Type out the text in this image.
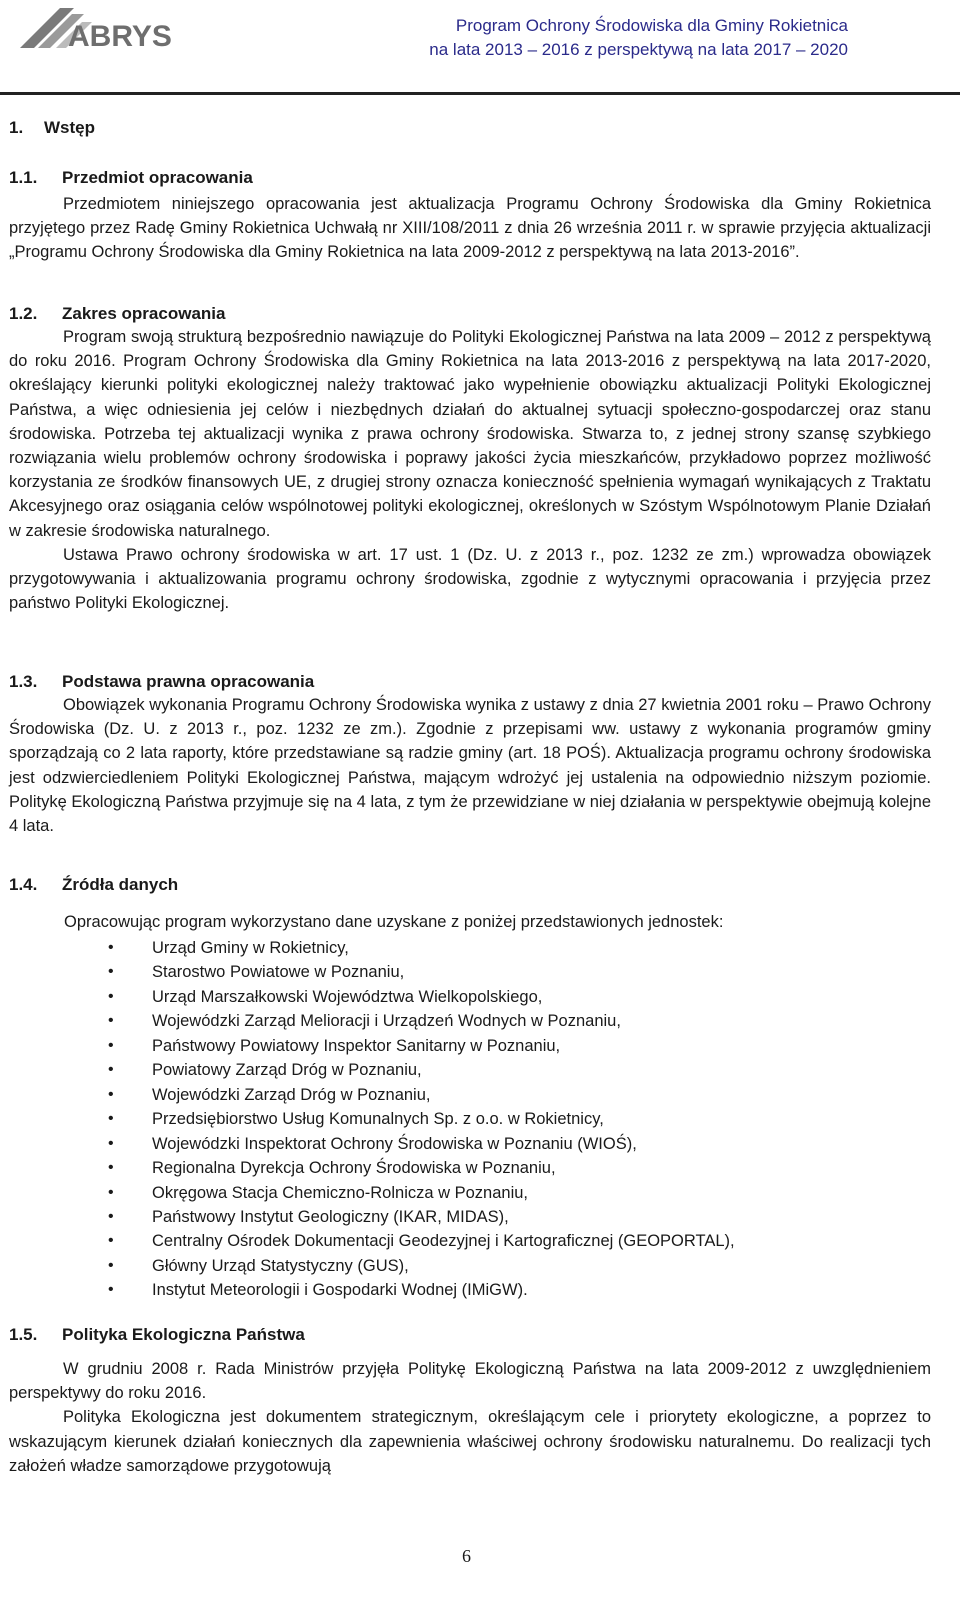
ABRYS	Program Ochrony Środowiska dla Gminy Rokietnica
na lata 2013 – 2016 z perspektywą na lata 2017 – 2020
1. Wstęp
1.1. Przedmiot opracowania

Przedmiotem niniejszego opracowania jest aktualizacja Programu Ochrony Środowiska dla Gminy Rokietnica przyjętego przez Radę Gminy Rokietnica Uchwałą nr XIII/108/2011 z dnia 26 września 2011 r. w sprawie przyjęcia aktualizacji „Programu Ochrony Środowiska dla Gminy Rokietnica na lata 2009-2012 z perspektywą na lata 2013-2016”.

1.2. Zakres opracowania

Program swoją strukturą bezpośrednio nawiązuje do Polityki Ekologicznej Państwa na lata 2009 – 2012 z perspektywą do roku 2016. Program Ochrony Środowiska dla Gminy Rokietnica na lata 2013-2016 z perspektywą na lata 2017-2020, określający kierunki polityki ekologicznej należy traktować jako wypełnienie obowiązku aktualizacji Polityki Ekologicznej Państwa, a więc odniesienia jej celów i niezbędnych działań do aktualnej sytuacji społeczno-gospodarczej oraz stanu środowiska. Potrzeba tej aktualizacji wynika z prawa ochrony środowiska. Stwarza to, z jednej strony szansę szybkiego rozwiązania wielu problemów ochrony środowiska i poprawy jakości życia mieszkańców, przykładowo poprzez możliwość korzystania ze środków finansowych UE, z drugiej strony oznacza konieczność spełnienia wymagań wynikających z Traktatu Akcesyjnego oraz osiągania celów wspólnotowej polityki ekologicznej, określonych w Szóstym Wspólnotowym Planie Działań w zakresie środowiska naturalnego.

Ustawa Prawo ochrony środowiska w art. 17 ust. 1 (Dz. U. z 2013 r., poz. 1232 ze zm.) wprowadza obowiązek przygotowywania i aktualizowania programu ochrony środowiska, zgodnie z wytycznymi opracowania i przyjęcia przez państwo Polityki Ekologicznej.

1.3. Podstawa prawna opracowania

Obowiązek wykonania Programu Ochrony Środowiska wynika z ustawy z dnia 27 kwietnia 2001 roku – Prawo Ochrony Środowiska (Dz. U. z 2013 r., poz. 1232 ze zm.). Zgodnie z przepisami ww. ustawy z wykonania programów gminy sporządzają co 2 lata raporty, które przedstawiane są radzie gminy (art. 18 POŚ). Aktualizacja programu ochrony środowiska jest odzwierciedleniem Polityki Ekologicznej Państwa, mającym wdrożyć jej ustalenia na odpowiednio niższym poziomie. Politykę Ekologiczną Państwa przyjmuje się na 4 lata, z tym że przewidziane w niej działania w perspektywie obejmują kolejne 4 lata.

1.4. Źródła danych
Opracowując program wykorzystano dane uzyskane z poniżej przedstawionych jednostek:
• Urząd Gminy w Rokietnicy,
• Starostwo Powiatowe w Poznaniu,
• Urząd Marszałkowski Województwa Wielkopolskiego,
• Wojewódzki Zarząd Melioracji i Urządzeń Wodnych w Poznaniu,
• Państwowy Powiatowy Inspektor Sanitarny w Poznaniu,
• Powiatowy Zarząd Dróg w Poznaniu,
• Wojewódzki Zarząd Dróg w Poznaniu,
• Przedsiębiorstwo Usług Komunalnych Sp. z o.o. w Rokietnicy,
• Wojewódzki Inspektorat Ochrony Środowiska w Poznaniu (WIOŚ),
• Regionalna Dyrekcja Ochrony Środowiska w Poznaniu,
• Okręgowa Stacja Chemiczno-Rolnicza w Poznaniu,
• Państwowy Instytut Geologiczny (IKAR, MIDAS),
• Centralny Ośrodek Dokumentacji Geodezyjnej i Kartograficznej (GEOPORTAL),
• Główny Urząd Statystyczny (GUS),
• Instytut Meteorologii i Gospodarki Wodnej (IMiGW).
1.5. Polityka Ekologiczna Państwa

W grudniu 2008 r. Rada Ministrów przyjęła Politykę Ekologiczną Państwa na lata 2009-2012 z uwzględnieniem perspektywy do roku 2016.

Polityka Ekologiczna jest dokumentem strategicznym, określającym cele i priorytety ekologiczne, a poprzez to wskazującym kierunek działań koniecznych dla zapewnienia właściwej ochrony środowisku naturalnemu. Do realizacji tych założeń władze samorządowe przygotowują

6
